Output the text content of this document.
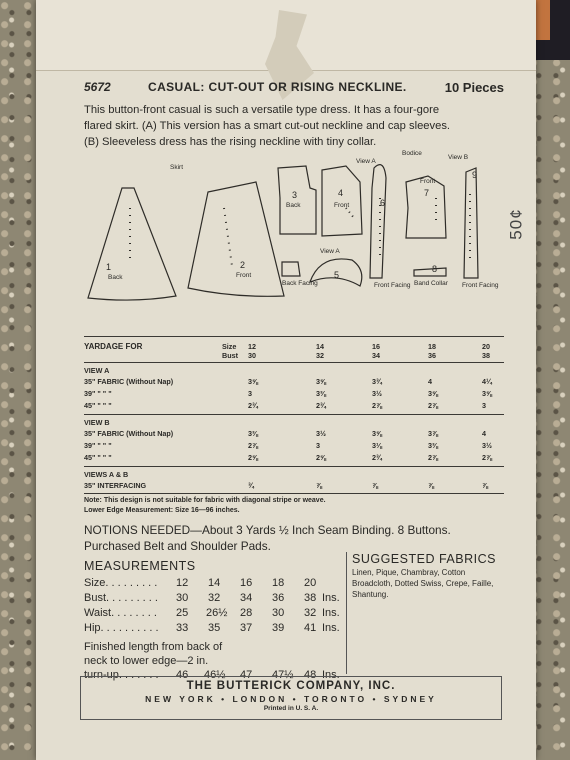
50¢
5672	CASUAL: CUT-OUT OR RISING NECKLINE.	10 Pieces
This button-front casual is such a versatile type dress. It has a four-gore
flared skirt. (A) This version has a smart cut-out neckline and cap sleeves.
(B) Sleeveless dress has the rising neckline with tiny collar.
Skirt
Bodice
View A
View B
1
Back
2
Front
3
Back
4
Front
View A
5
6
7
Front
8
9
Back Facing	Front Facing Band Collar Front Facing
YARDAGE FOR	Size 12	14	16	18	20
Bust 30	32	34	36	38
VIEW A
35" FABRIC (Without Nap)	3⅝	3⅝	3¾	4	4¼
39" " " "	3	3⅜	3½	3⅝	3⅝
45" " " "	2¾	2¾	2⅞	2⅞	3
VIEW B
35" FABRIC (Without Nap)	3⅜	3½	3⅝	3⅞	4
39" " " "	2⅞	3	3⅛	3⅜	3½
45" " " "	2⅝	2⅝	2¾	2⅞	2⅞
VIEWS A & B
35" INTERFACING	¾	⅞	⅞	⅞	⅞
Note: This design is not suitable for fabric with diagonal stripe or weave.
Lower Edge Measurement: Size 16—96 inches.
NOTIONS NEEDED—About 3 Yards ½ Inch Seam Binding. 8 Buttons. Purchased Belt and Shoulder Pads.
MEASUREMENTS
Size. . . . . . . . . 12 14 16 18 20
Bust. . . . . . . . . 30 32 34 36 38 Ins.
Waist. . . . . . . . 25 26½ 28 30 32 Ins.
Hip. . . . . . . . . . 33 35 37 39 41 Ins.
Finished length from back of
neck to lower edge—2 in.
turn-up. . . . . . . 46 46½ 47 47½ 48 Ins.
SUGGESTED FABRICS
Linen, Pique, Chambray, Cotton Broadcloth, Dotted Swiss, Crepe, Faille, Shantung.
THE BUTTERICK COMPANY, INC.
NEW YORK • LONDON • TORONTO • SYDNEY
Printed in U. S. A.
